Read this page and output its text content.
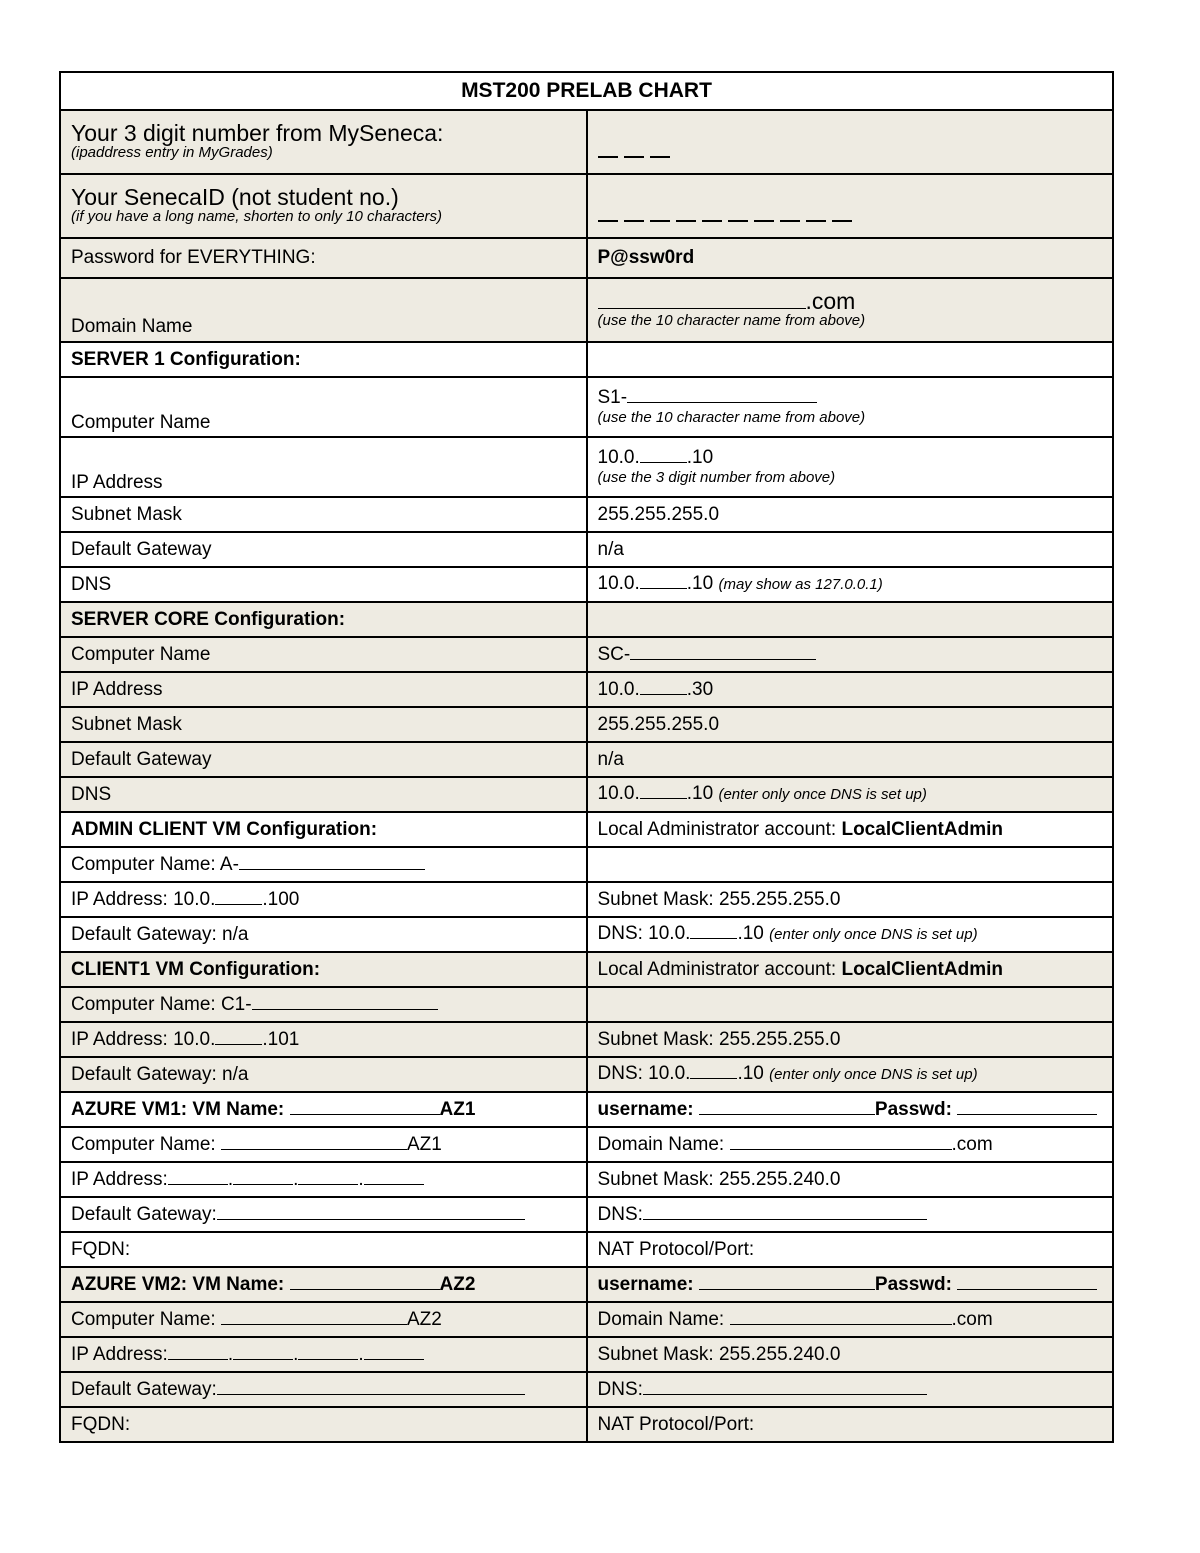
MST200 PRELAB CHART	

Your 3 digit number from MySeneca:
(ipaddress entry in MyGrades)	

Your SenecaID (not student no.)
(if you have a long name, shorten to only 10 characters)	

Password for EVERYTHING:	P@ssw0rd
Domain Name	.com
(use the 10 character name from above)

SERVER 1 Configuration:	
Computer Name	S1-
(use the 10 character name from above)

IP Address	10.0. .10
(use the 3 digit number from above)

Subnet Mask	255.255.255.0
Default Gateway	n/a
DNS	10.0. .10 (may show as 127.0.0.1)
SERVER CORE Configuration:	
Computer Name	SC-
IP Address	10.0. .30
Subnet Mask	255.255.255.0
Default Gateway	n/a
DNS	10.0. .10 (enter only once DNS is set up)
ADMIN CLIENT VM Configuration:	Local Administrator account: LocalClientAdmin
Computer Name: A-	
IP Address: 10.0. .100	Subnet Mask: 255.255.255.0
Default Gateway: n/a	DNS: 10.0. .10 (enter only once DNS is set up)
CLIENT1 VM Configuration:	Local Administrator account: LocalClientAdmin
Computer Name: C1-	
IP Address: 10.0. .101	Subnet Mask: 255.255.255.0
Default Gateway: n/a	DNS: 10.0. .10 (enter only once DNS is set up)
AZURE VM1: VM Name: AZ1	username: Passwd:
Computer Name: AZ1	Domain Name: .com
IP Address: . . .	Subnet Mask: 255.255.240.0
Default Gateway:	DNS:
FQDN:	NAT Protocol/Port:
AZURE VM2: VM Name: AZ2	username: Passwd:
Computer Name: AZ2	Domain Name: .com
IP Address: . . .	Subnet Mask: 255.255.240.0
Default Gateway:	DNS:
FQDN:	NAT Protocol/Port:
